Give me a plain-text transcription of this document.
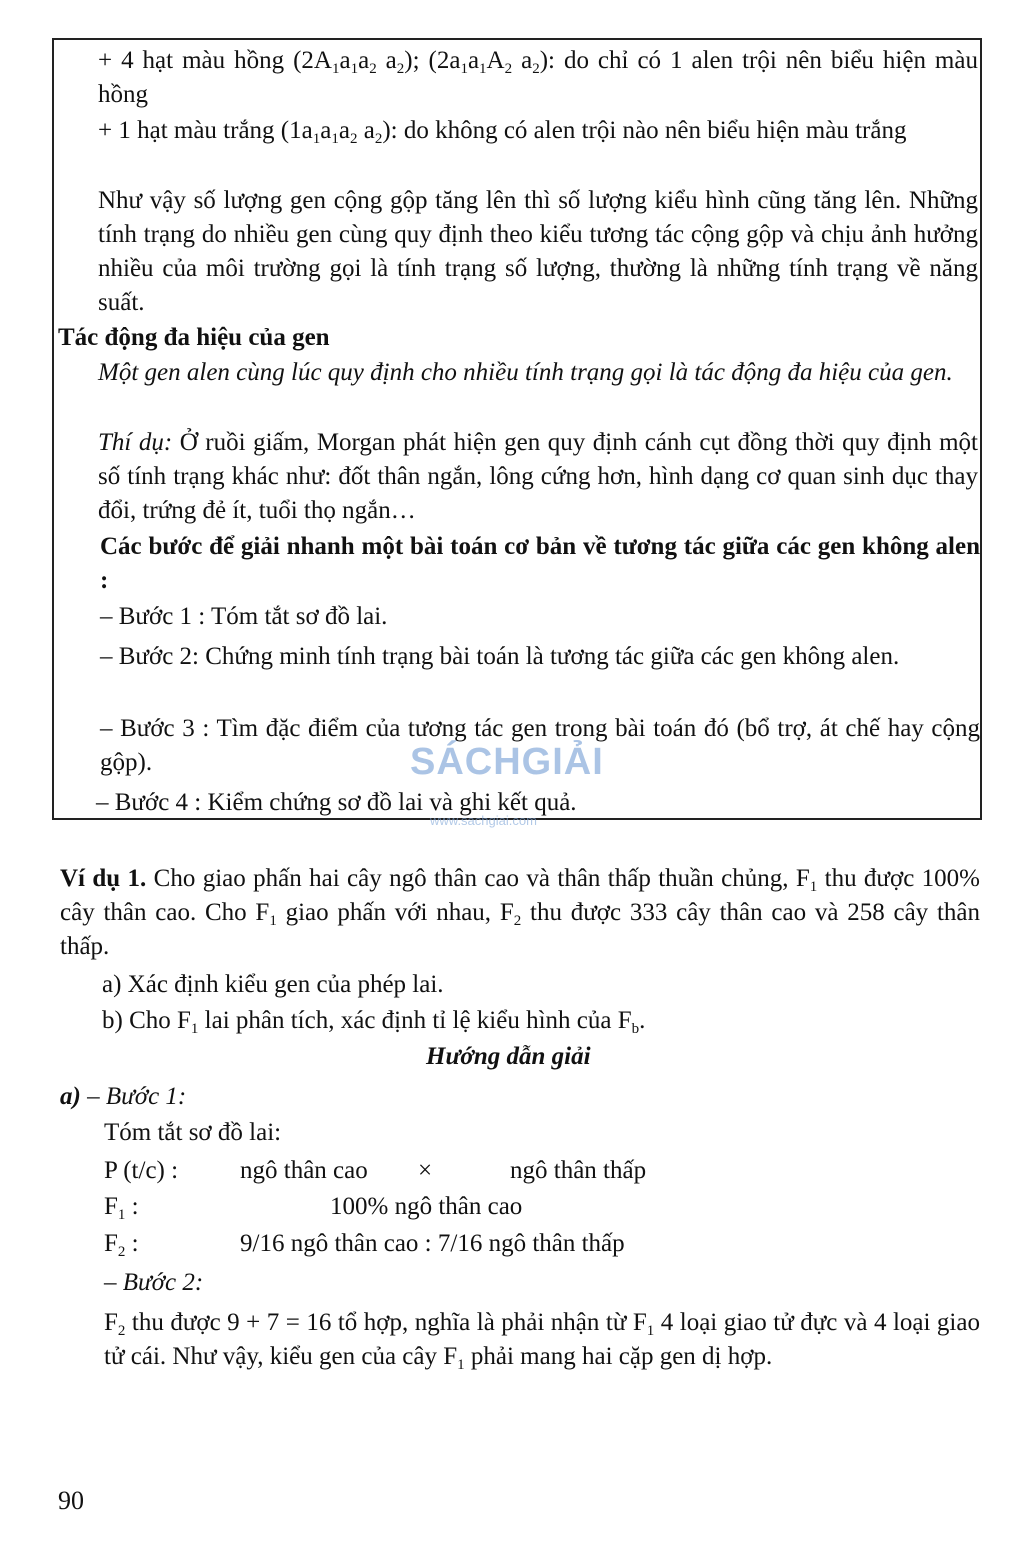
+ 4 hạt màu hồng ($2A_1a_1a_2$ $a_2$); ($2a_1a_1A_2$ $a_2$): do chỉ có 1 alen trội nên biểu hiện màu hồng

+ 1 hạt màu trắng ($1a_1a_1a_2$ $a_2$): do không có alen trội nào nên biểu hiện màu trắng

Như vậy số lượng gen cộng gộp tăng lên thì số lượng kiểu hình cũng tăng lên. Những tính trạng do nhiều gen cùng quy định theo kiểu tương tác cộng gộp và chịu ảnh hưởng nhiều của môi trường gọi là tính trạng số lượng, thường là những tính trạng về năng suất.

Tác động đa hiệu của gen

Một gen alen cùng lúc quy định cho nhiều tính trạng gọi là tác động đa hiệu của gen.

Thí dụ: Ở ruồi giấm, Morgan phát hiện gen quy định cánh cụt đồng thời quy định một số tính trạng khác như: đốt thân ngắn, lông cứng hơn, hình dạng cơ quan sinh dục thay đổi, trứng đẻ ít, tuổi thọ ngắn…

Các bước để giải nhanh một bài toán cơ bản về tương tác giữa các gen không alen :

– Bước 1 : Tóm tắt sơ đồ lai.

– Bước 2: Chứng minh tính trạng bài toán là tương tác giữa các gen không alen.

– Bước 3 : Tìm đặc điểm của tương tác gen trong bài toán đó (bổ trợ, át chế hay cộng gộp).

– Bước 4 : Kiểm chứng sơ đồ lai và ghi kết quả.

SÁCHGIẢI
www.sachgiai.com

Ví dụ 1. Cho giao phấn hai cây ngô thân cao và thân thấp thuần chủng, $F_1$ thu được 100% cây thân cao. Cho $F_1$ giao phấn với nhau, $F_2$ thu được 333 cây thân cao và 258 cây thân thấp.

a) Xác định kiểu gen của phép lai.

b) Cho $F_1$ lai phân tích, xác định tỉ lệ kiểu hình của $F_b$.

Hướng dẫn giải

a) – Bước 1:

Tóm tắt sơ đồ lai:

P (t/c) : ngô thân cao ×	ngô thân thấp

$F_1$ :	100% ngô thân cao

$F_2$ :	9/16 ngô thân cao : 7/16 ngô thân thấp

– Bước 2:

$F_2$ thu được 9 + 7 = 16 tổ hợp, nghĩa là phải nhận từ $F_1$ 4 loại giao tử đực và 4 loại giao tử cái. Như vậy, kiểu gen của cây $F_1$ phải mang hai cặp gen dị hợp.

90
